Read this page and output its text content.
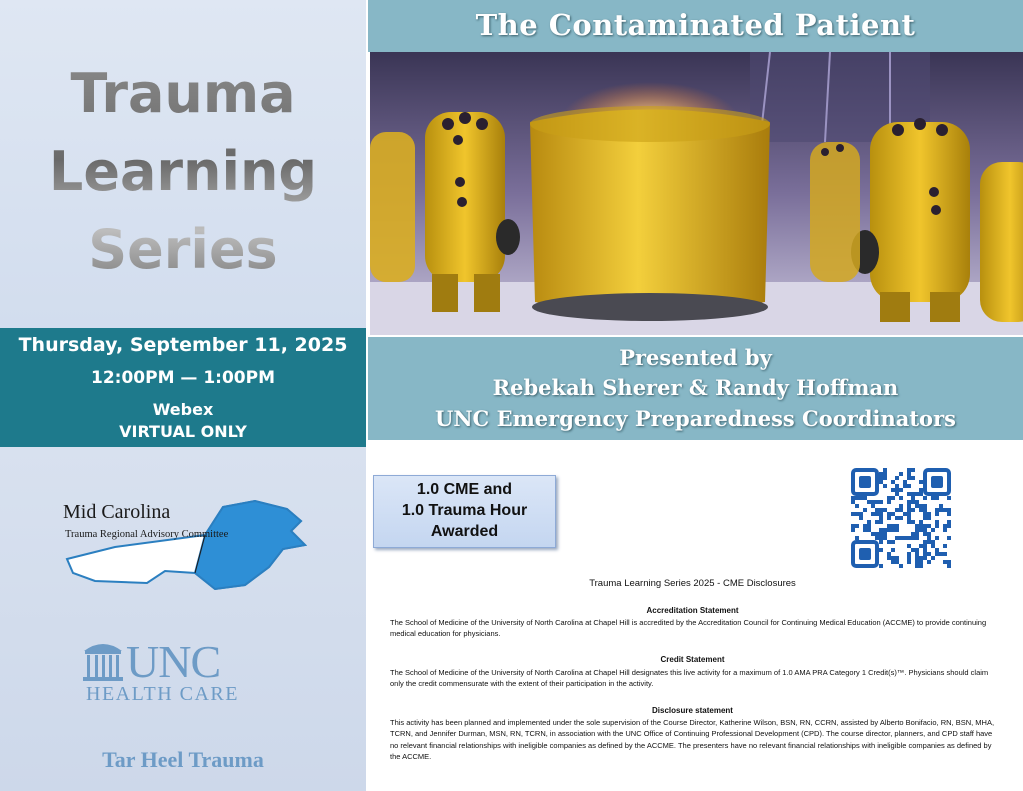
Trauma
Learning
Series
Thursday, September 11, 2025
12:00PM — 1:00PM
Webex
VIRTUAL ONLY
Mid Carolina
Trauma Regional Advisory Committee
UNC
HEALTH CARE
Tar Heel Trauma
The Contaminated Patient
Presented by
Rebekah Sherer & Randy Hoffman
UNC Emergency Preparedness Coordinators
1.0 CME and
1.0 Trauma Hour
Awarded
Trauma Learning Series 2025 - CME Disclosures
Accreditation Statement
The School of Medicine of the University of North Carolina at Chapel Hill is accredited by the Accreditation Council for Continuing Medical Education (ACCME) to provide continuing medical education for physicians.
Credit Statement
The School of Medicine of the University of North Carolina at Chapel Hill designates this live activity for a maximum of 1.0 AMA PRA Category 1 Credit(s)™. Physicians should claim only the credit commensurate with the extent of their participation in the activity.
Disclosure statement
This activity has been planned and implemented under the sole supervision of the Course Director, Katherine Wilson, BSN, RN, CCRN, assisted by Alberto Bonifacio, RN, BSN, MHA, TCRN, and Jennifer Durman, MSN, RN, TCRN, in association with the UNC Office of Continuing Professional Development (CPD). The course director, planners, and CPD staff have no relevant financial relationships with ineligible companies as defined by the ACCME. The presenters have no relevant financial relationships with ineligible companies as defined by the ACCME.
